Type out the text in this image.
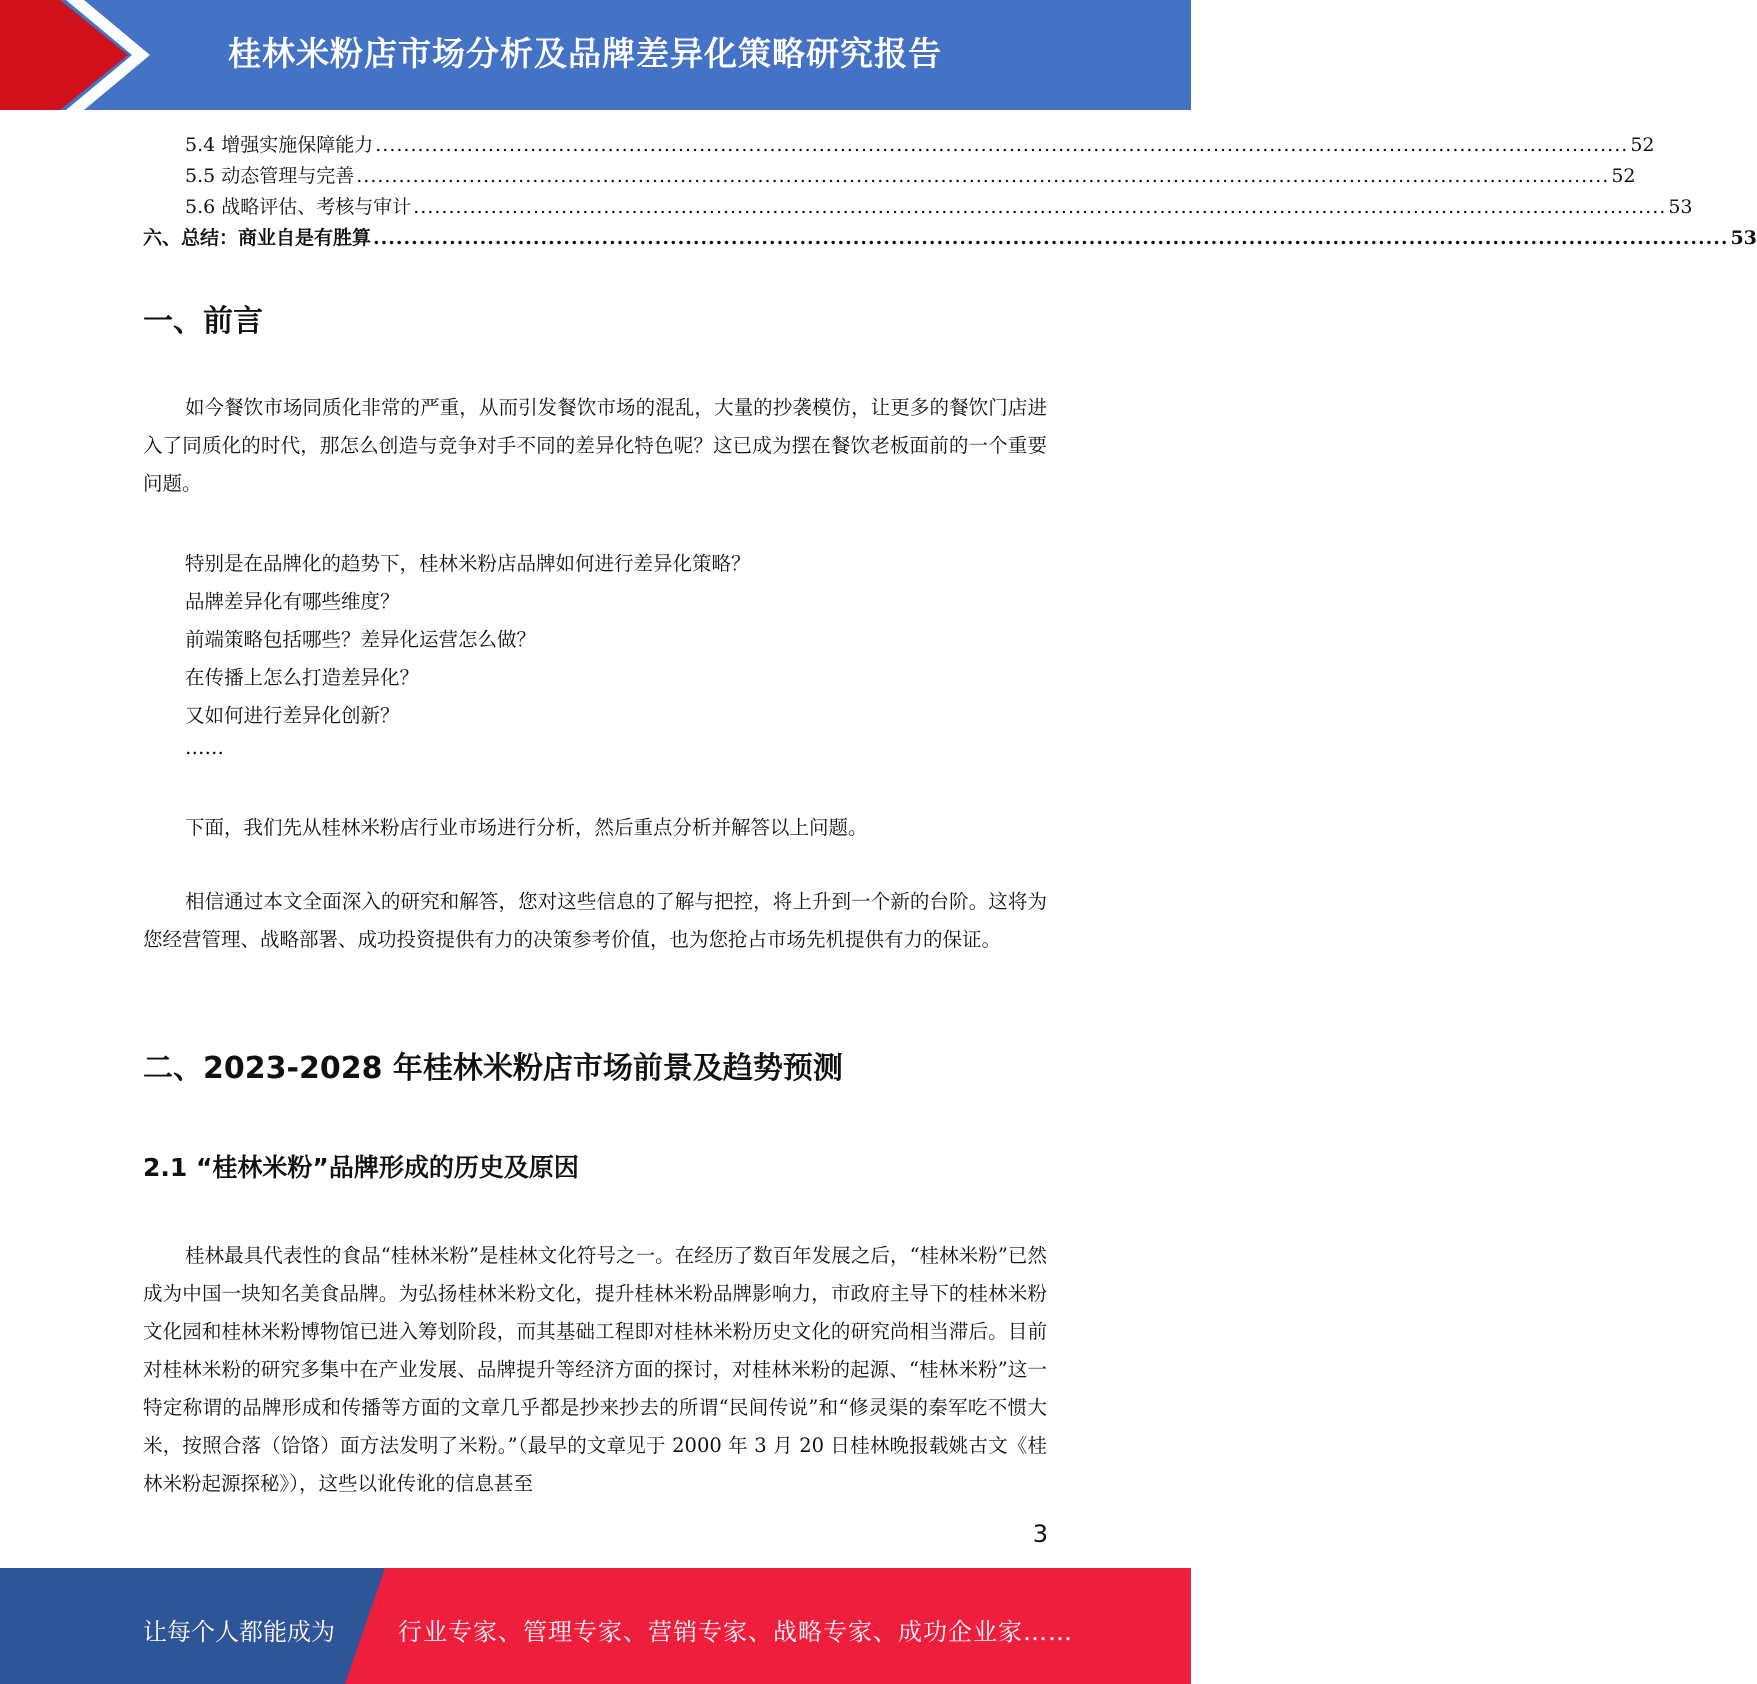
桂林米粉店市场分析及品牌差异化策略研究报告
5.4 增强实施保障能力 .................................................................................................................................................................................. 52
5.5 动态管理与完善 .................................................................................................................................................................................. 52
5.6 战略评估、考核与审计 .................................................................................................................................................................................. 53
六、总结：商业自是有胜算 .................................................................................................................................................................................. 53
一、前言

如今餐饮市场同质化非常的严重，从而引发餐饮市场的混乱，大量的抄袭模仿，让更多的餐饮门店进入了同质化的时代，那怎么创造与竞争对手不同的差异化特色呢？这已成为摆在餐饮老板面前的一个重要问题。

特别是在品牌化的趋势下，桂林米粉店品牌如何进行差异化策略？
品牌差异化有哪些维度？
前端策略包括哪些？差异化运营怎么做？
在传播上怎么打造差异化？
又如何进行差异化创新？
……

下面，我们先从桂林米粉店行业市场进行分析，然后重点分析并解答以上问题。

相信通过本文全面深入的研究和解答，您对这些信息的了解与把控，将上升到一个新的台阶。这将为您经营管理、战略部署、成功投资提供有力的决策参考价值，也为您抢占市场先机提供有力的保证。

二、2023-2028 年桂林米粉店市场前景及趋势预测
2.1 “桂林米粉”品牌形成的历史及原因

桂林最具代表性的食品“桂林米粉”是桂林文化符号之一。在经历了数百年发展之后，“桂林米粉”已然成为中国一块知名美食品牌。为弘扬桂林米粉文化，提升桂林米粉品牌影响力，市政府主导下的桂林米粉文化园和桂林米粉博物馆已进入筹划阶段，而其基础工程即对桂林米粉历史文化的研究尚相当滞后。目前对桂林米粉的研究多集中在产业发展、品牌提升等经济方面的探讨，对桂林米粉的起源、“桂林米粉”这一特定称谓的品牌形成和传播等方面的文章几乎都是抄来抄去的所谓“民间传说”和“修灵渠的秦军吃不惯大米，按照合落（饸饹）面方法发明了米粉。”（最早的文章见于 2000 年 3 月 20 日桂林晚报载姚古文《桂林米粉起源探秘》），这些以讹传讹的信息甚至

3
让每个人都能成为	行业专家、管理专家、营销专家、战略专家、成功企业家……
